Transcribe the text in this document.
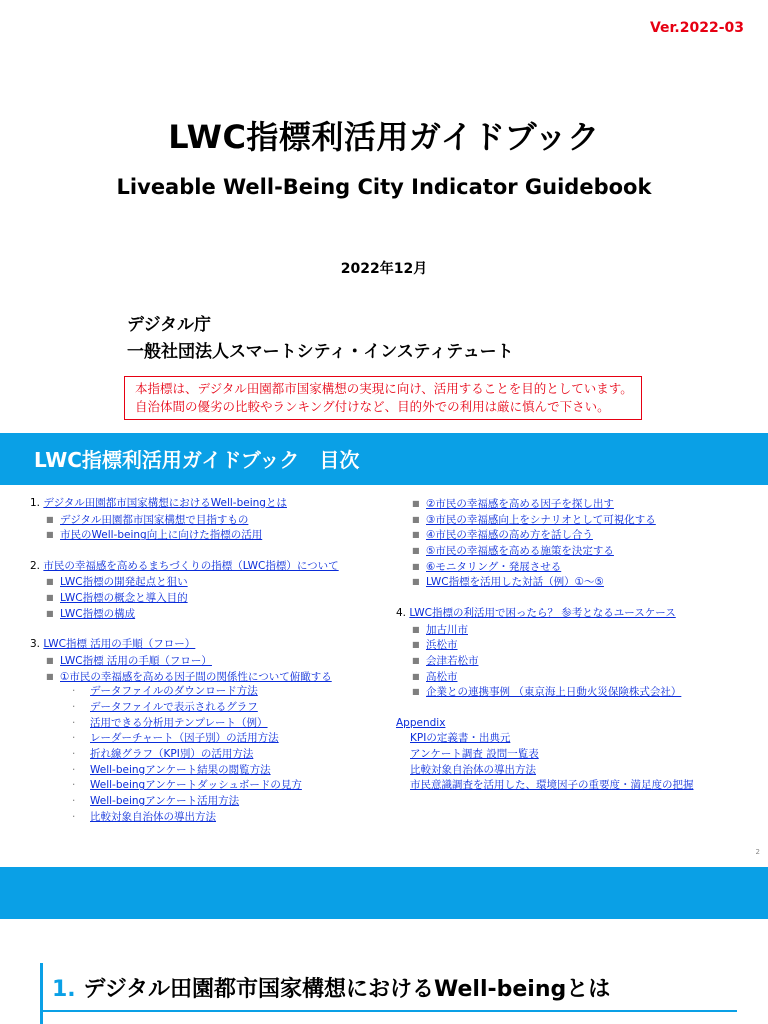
Ver.2022-03
LWC指標利活用ガイドブック
Liveable Well-Being City Indicator Guidebook
2022年12月
デジタル庁
一般社団法人スマートシティ・インスティテュート
本指標は、デジタル田園都市国家構想の実現に向け、活用することを目的としています。
自治体間の優劣の比較やランキング付けなど、目的外での利用は厳に慎んで下さい。
LWC指標利活用ガイドブック　目次
1. デジタル田園都市国家構想におけるWell-beingとは
■ デジタル田園都市国家構想で目指すもの
■ 市民のWell-being向上に向けた指標の活用
2. 市民の幸福感を高めるまちづくりの指標（LWC指標）について
■ LWC指標の開発起点と狙い
■ LWC指標の概念と導入目的
■ LWC指標の構成
3. LWC指標 活用の手順（フロー）
■ LWC指標 活用の手順（フロー）
■ ①市民の幸福感を高める因子間の関係性について俯瞰する
· データファイルのダウンロード方法
· データファイルで表示されるグラフ
· 活用できる分析用テンプレート（例）
· レーダーチャート（因子別）の活用方法
· 折れ線グラフ（KPI別）の活用方法
· Well-beingアンケート結果の閲覧方法
· Well-beingアンケートダッシュボードの見方
· Well-beingアンケート活用方法
· 比較対象自治体の導出方法
■ ②市民の幸福感を高める因子を探し出す
■ ③市民の幸福感向上をシナリオとして可視化する
■ ④市民の幸福感の高め方を話し合う
■ ⑤市民の幸福感を高める施策を決定する
■ ⑥モニタリング・発展させる
■ LWC指標を活用した対話（例）①～⑤
4. LWC指標の利活用で困ったら？ 参考となるユースケース
■ 加古川市
■ 浜松市
■ 会津若松市
■ 高松市
■ 企業との連携事例 （東京海上日動火災保険株式会社）
Appendix
KPIの定義書・出典元
アンケート調査 設問一覧表
比較対象自治体の導出方法
市民意識調査を活用した、環境因子の重要度・満足度の把握
2
1. デジタル田園都市国家構想におけるWell-beingとは
